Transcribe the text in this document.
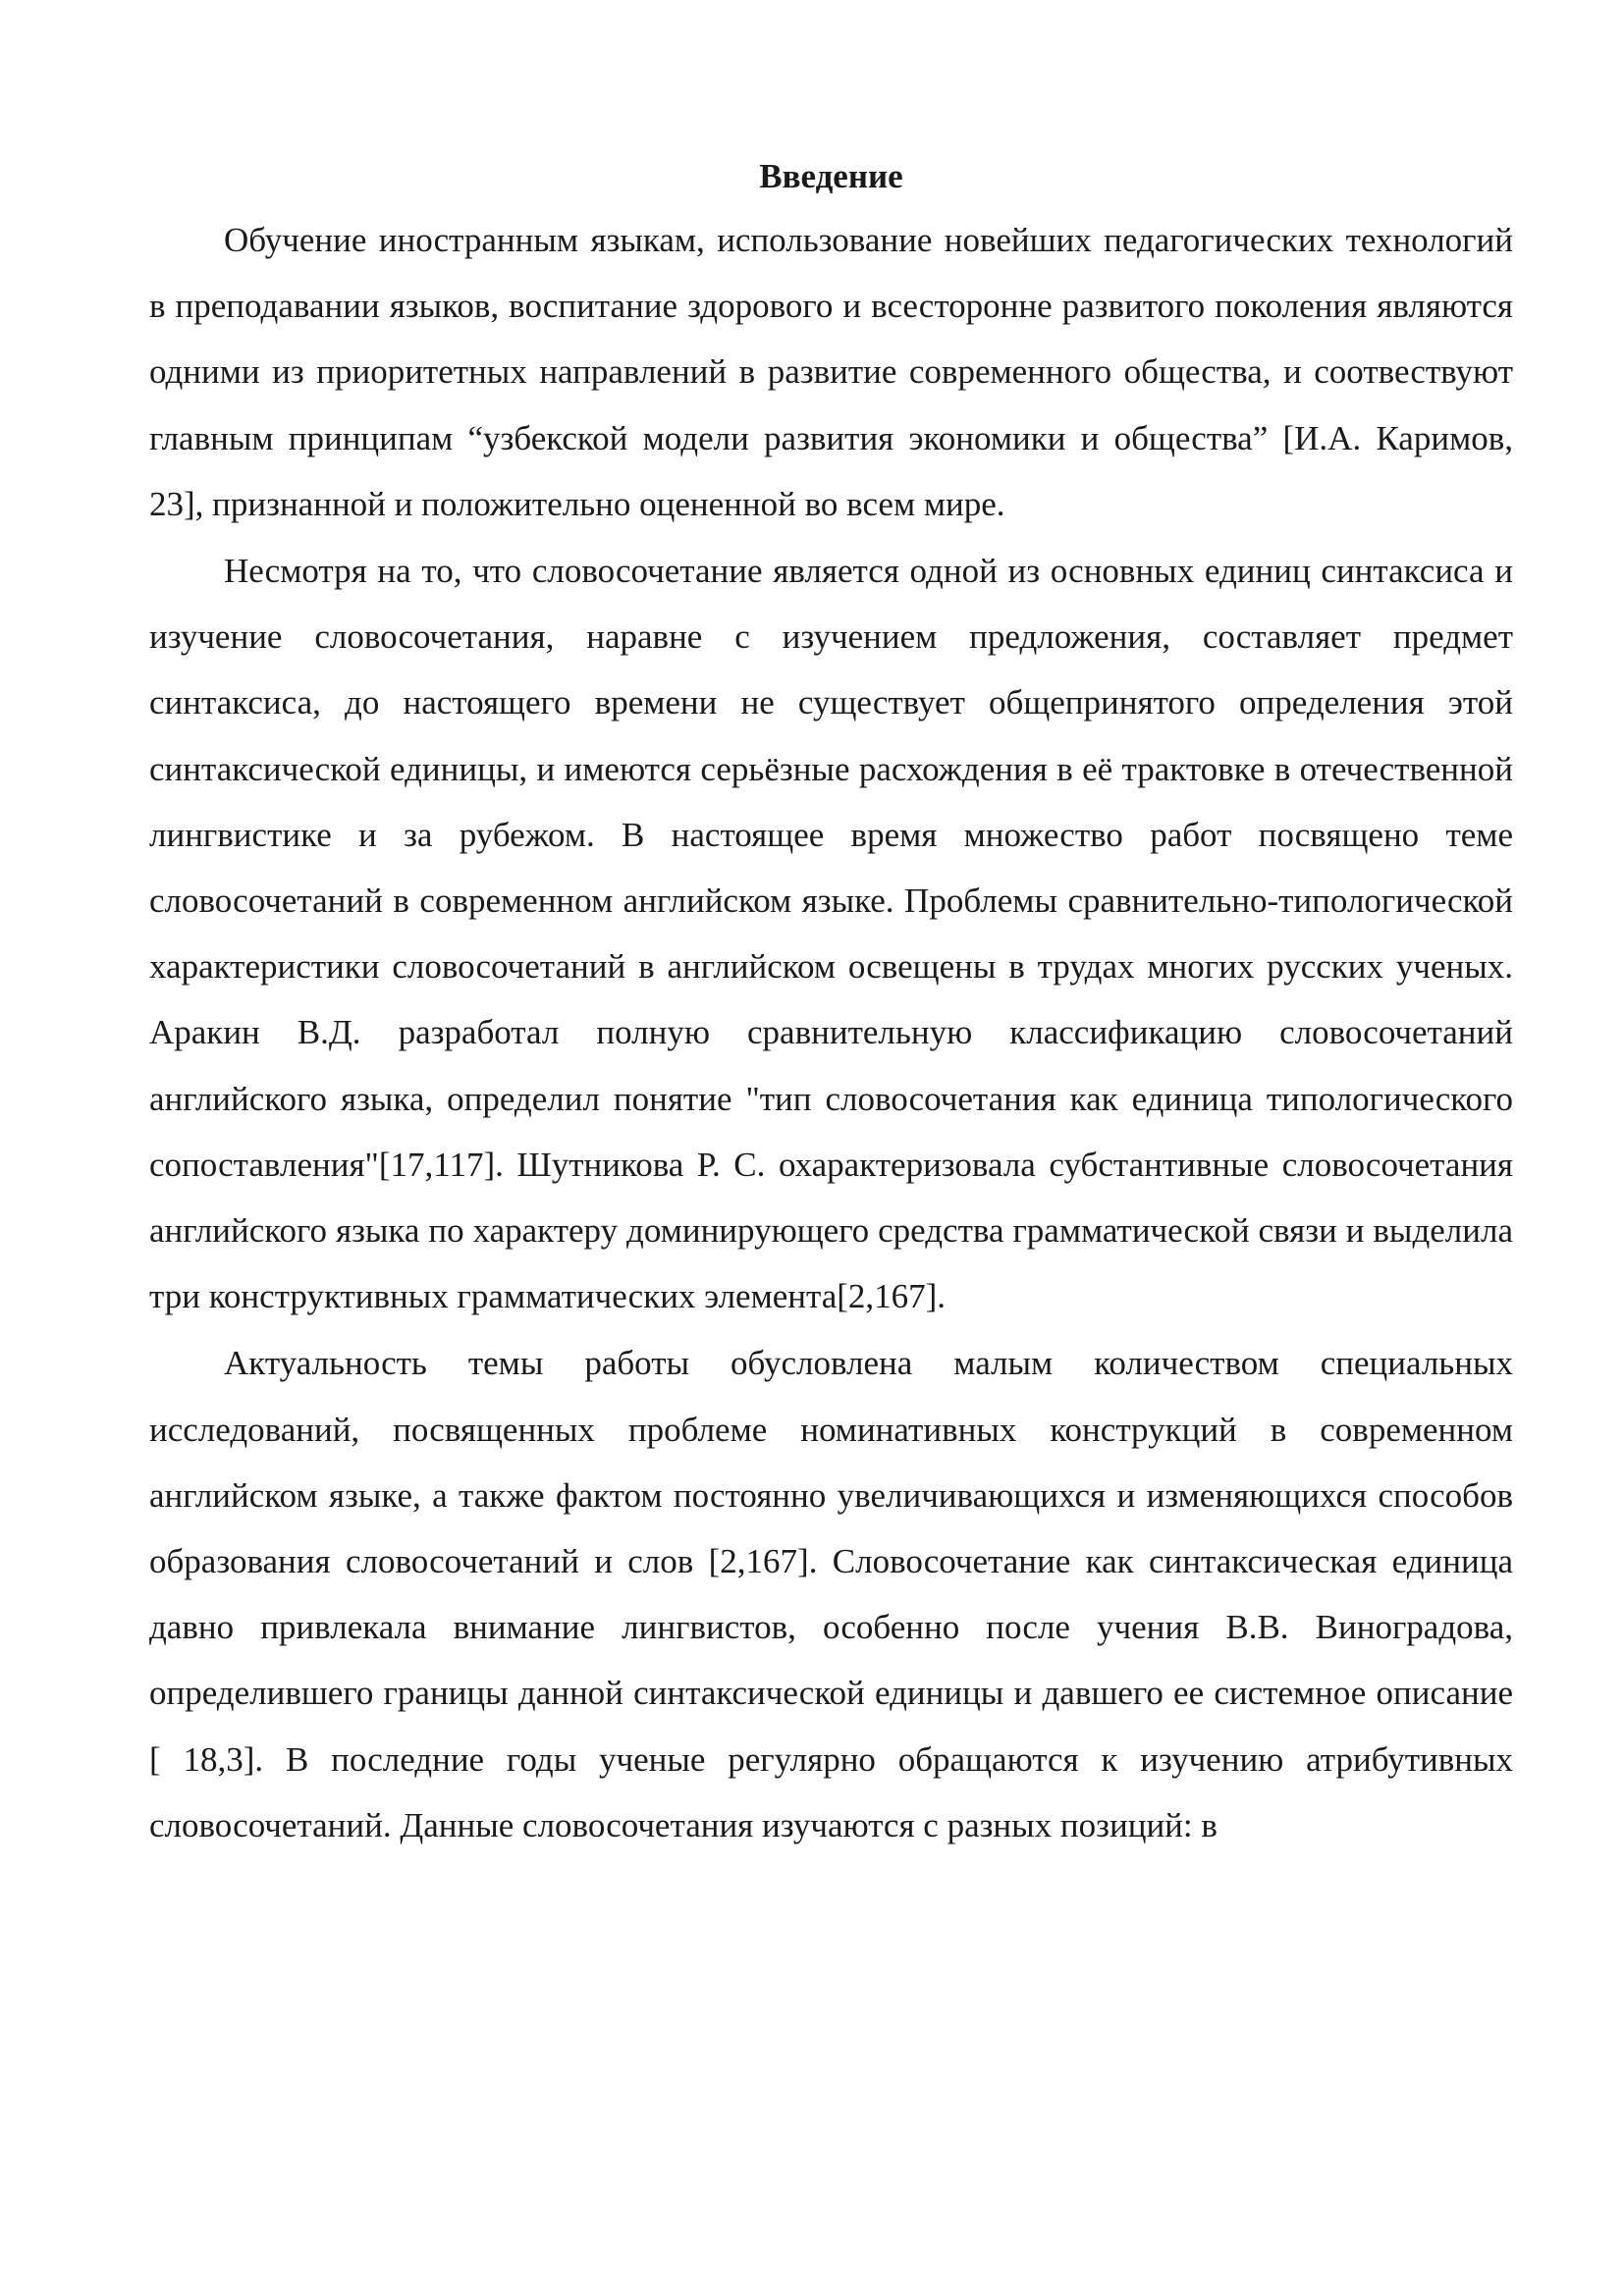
Введение

Обучение иностранным языкам, использование новейших педагогических технологий в преподавании языков, воспитание здорового и всесторонне развитого поколения являются одними из приоритетных направлений в развитие современного общества, и соотвествуют главным принципам “узбекской модели развития экономики и общества” [И.А. Каримов, 23], признанной и положительно оцененной во всем мире.

Несмотря на то, что словосочетание является одной из основных единиц синтаксиса и изучение словосочетания, наравне с изучением предложения, составляет предмет синтаксиса, до настоящего времени не существует общепринятого определения этой синтаксической единицы, и имеются серьёзные расхождения в её трактовке в отечественной лингвистике и за рубежом. В настоящее время множество работ посвящено теме словосочетаний в современном английском языке. Проблемы сравнительно-типологической характеристики словосочетаний в английском освещены в трудах многих русских ученых. Аракин В.Д. разработал полную сравнительную классификацию словосочетаний английского языка, определил понятие "тип словосочетания как единица типологического сопоставления"[17,117]. Шутникова Р. С. охарактеризовала субстантивные словосочетания английского языка по характеру доминирующего средства грамматической связи и выделила три конструктивных грамматических элемента[2,167].

Актуальность темы работы обусловлена малым количеством специальных исследований, посвященных проблеме номинативных конструкций в современном английском языке, а также фактом постоянно увеличивающихся и изменяющихся способов образования словосочетаний и слов [2,167]. Словосочетание как синтаксическая единица давно привлекала внимание лингвистов, особенно после учения В.В. Виноградова, определившего границы данной синтаксической единицы и давшего ее системное описание [ 18,3]. В последние годы ученые регулярно обращаются к изучению атрибутивных словосочетаний. Данные словосочетания изучаются с разных позиций: в
